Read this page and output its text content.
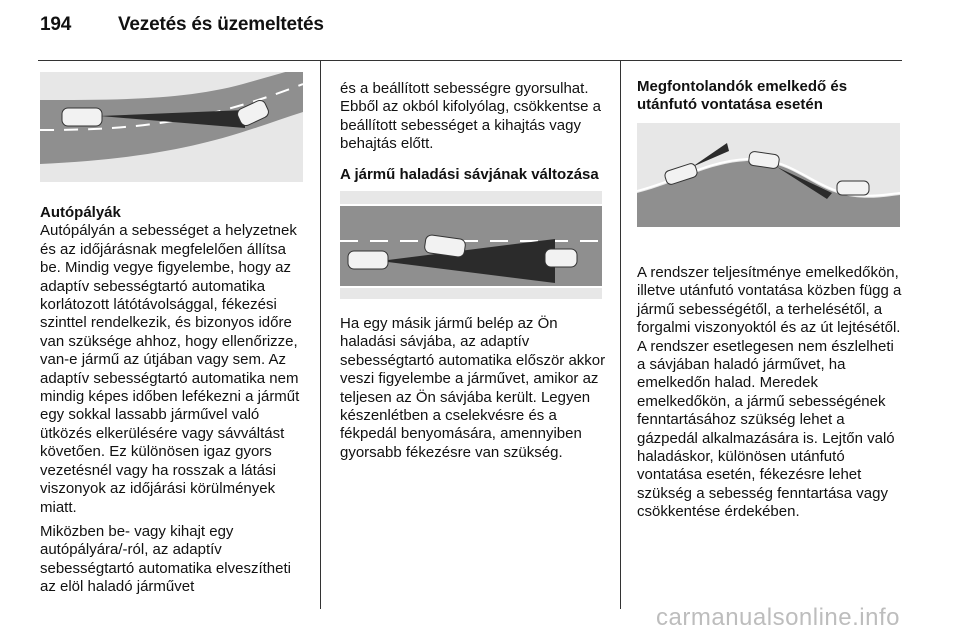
194 Vezetés és üzemeltetés

Autópályák

Autópályán a sebességet a helyzetnek és az időjárásnak megfelelően állítsa be. Mindig vegye figyelembe, hogy az adaptív sebességtartó automatika korlátozott látótávolsággal, fékezési szinttel rendelkezik, és bizonyos időre van szüksége ahhoz, hogy ellenőrizze, van-e jármű az útjában vagy sem. Az adaptív sebességtartó automatika nem mindig képes időben lefékezni a járműt egy sokkal lassabb járművel való ütközés elkerülésére vagy sávváltást követően. Ez különösen igaz gyors vezetésnél vagy ha rosszak a látási viszonyok az időjárási körülmények miatt.

Miközben be- vagy kihajt egy autópályára/-ról, az adaptív sebességtartó automatika elveszítheti az elöl haladó járművet

és a beállított sebességre gyorsulhat. Ebből az okból kifolyólag, csökkentse a beállított sebességet a kihajtás vagy behajtás előtt.

A jármű haladási sávjának változása

Ha egy másik jármű belép az Ön haladási sávjába, az adaptív sebességtartó automatika először akkor veszi figyelembe a járművet, amikor az teljesen az Ön sávjába került. Legyen készenlétben a cselekvésre és a fékpedál benyomására, amennyiben gyorsabb fékezésre van szükség.

Megfontolandók emelkedő és utánfutó vontatása esetén

A rendszer teljesítménye emelkedőkön, illetve utánfutó vontatása közben függ a jármű sebességétől, a terhelésétől, a forgalmi viszonyoktól és az út lejtésétől. A rendszer esetlegesen nem észlelheti a sávjában haladó járművet, ha emelkedőn halad. Meredek emelkedőkön, a jármű sebességének fenntartásához szükség lehet a gázpedál alkalmazására is. Lejtőn való haladáskor, különösen utánfutó vontatása esetén, fékezésre lehet szükség a sebesség fenntartása vagy csökkentése érdekében.

carmanualsonline.info
